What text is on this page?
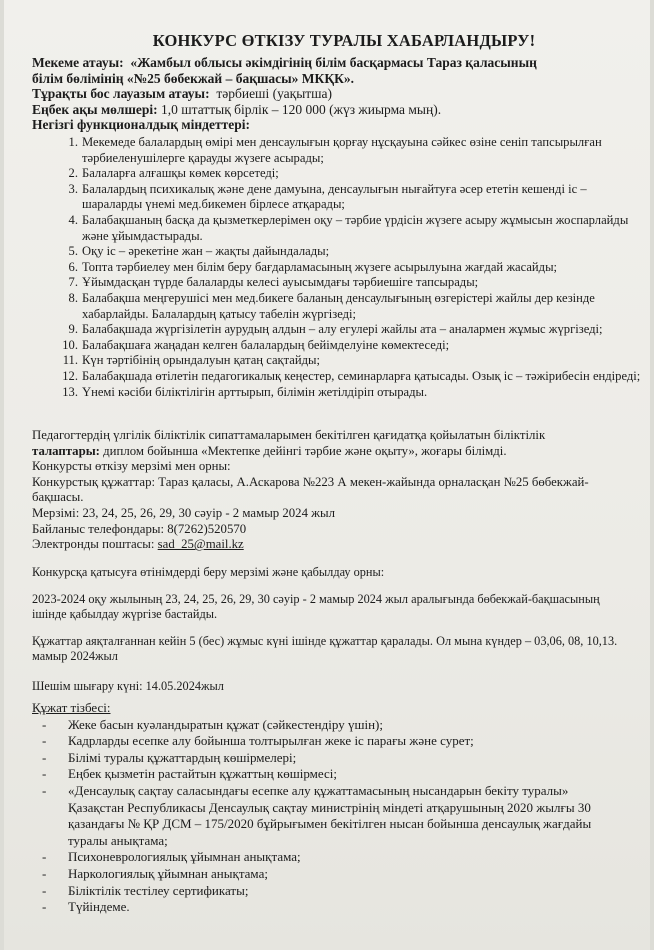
КОНКУРС ӨТКІЗУ ТУРАЛЫ ХАБАРЛАНДЫРУ!
Мекеме атауы: «Жамбыл облысы әкімдігінің білім басқармасы Тараз қаласының
білім бөлімінің «№25 бөбекжай – бақшасы» МКҚК».
Тұрақты бос лауазым атауы: тәрбиеші (уақытша)
Еңбек ақы мөлшері: 1,0 штаттық бірлік – 120 000 (жүз жиырма мың).
Негізгі функционалдық міндеттері:
1. Мекемеде балалардың өмірі мен денсаулығын қорғау нұсқауына сәйкес өзіне сеніп тапсырылған тәрбиеленушілерге қарауды жүзеге асырады;
2. Балаларға алғашқы көмек көрсетеді;
3. Балалардың психикалық және дене дамуына, денсаулығын нығайтуға әсер ететін кешенді іс – шараларды үнемі мед.бикемен бірлесе атқарады;
4. Балабақшаның басқа да қызметкерлерімен оқу – тәрбие үрдісін жүзеге асыру жұмысын жоспарлайды және ұйымдастырады.
5. Оқу іс – әрекетіне жан – жақты дайындалады;
6. Топта тәрбиелеу мен білім беру бағдарламасының жүзеге асырылуына жағдай жасайды;
7. Ұйымдасқан түрде балаларды келесі ауысымдағы тәрбиешіге тапсырады;
8. Балабақша меңгерушісі мен мед.бикеге баланың денсаулығының өзгерістері жайлы дер кезінде хабарлайды. Балалардың қатысу табелін жүргізеді;
9. Балабақшада жүргізілетін аурудың алдын – алу егулері жайлы ата – аналармен жұмыс жүргізеді;
10. Балабақшаға жаңадан келген балалардың бейімделуіне көмектеседі;
11. Күн тәртібінің орындалуын қатаң сақтайды;
12. Балабақшада өтілетін педагогикалық кеңестер, семинарларға қатысады. Озық іс – тәжірибесін ендіреді;
13. Үнемі кәсіби біліктілігін арттырып, білімін жетілдіріп отырады.
Педагогтердің үлгілік біліктілік сипаттамаларымен бекітілген қағидатқа қойылатын біліктілік
талаптары: диплом бойынша «Мектепке дейінгі тәрбие және оқыту», жоғары білімді.
Конкурсты өткізу мерзімі мен орны:
Конкурстық құжаттар: Тараз қаласы, А.Аскарова №223 А мекен-жайында орналасқан №25 бөбекжай-
бақшасы.
Мерзімі: 23, 24, 25, 26, 29, 30 сәуір - 2 мамыр 2024 жыл
Байланыс телефондары: 8(7262)520570
Электронды поштасы: sad_25@mail.kz
Конкурсқа қатысуға өтінімдерді беру мерзімі және қабылдау орны:
2023-2024 оқу жылының 23, 24, 25, 26, 29, 30 сәуір - 2 мамыр 2024 жыл аралығында бөбекжай-бақшасының
ішінде қабылдау жүргізе бастайды.
Құжаттар аяқталғаннан кейін 5 (бес) жұмыс күні ішінде құжаттар қаралады. Ол мына күндер – 03,06, 08, 10,13.
мамыр 2024жыл
Шешім шығару күні: 14.05.2024жыл
Құжат тізбесі:
- Жеке басын куәландыратын құжат (сәйкестендіру үшін);
- Кадрларды есепке алу бойынша толтырылған жеке іс парағы және сурет;
- Білімі туралы құжаттардың көшірмелері;
- Еңбек қызметін растайтын құжаттың көшірмесі;
- «Денсаулық сақтау саласындағы есепке алу құжаттамасының нысандарын бекіту туралы»
Қазақстан Республикасы Денсаулық сақтау министрінің міндеті атқарушының 2020 жылғы 30
қазандағы № ҚР ДСМ – 175/2020 бұйрығымен бекітілген нысан бойынша денсаулық жағдайы
туралы анықтама;
- Психоневрологиялық ұйымнан анықтама;
- Наркологиялық ұйымнан анықтама;
- Біліктілік тестілеу сертификаты;
- Түйіндеме.
